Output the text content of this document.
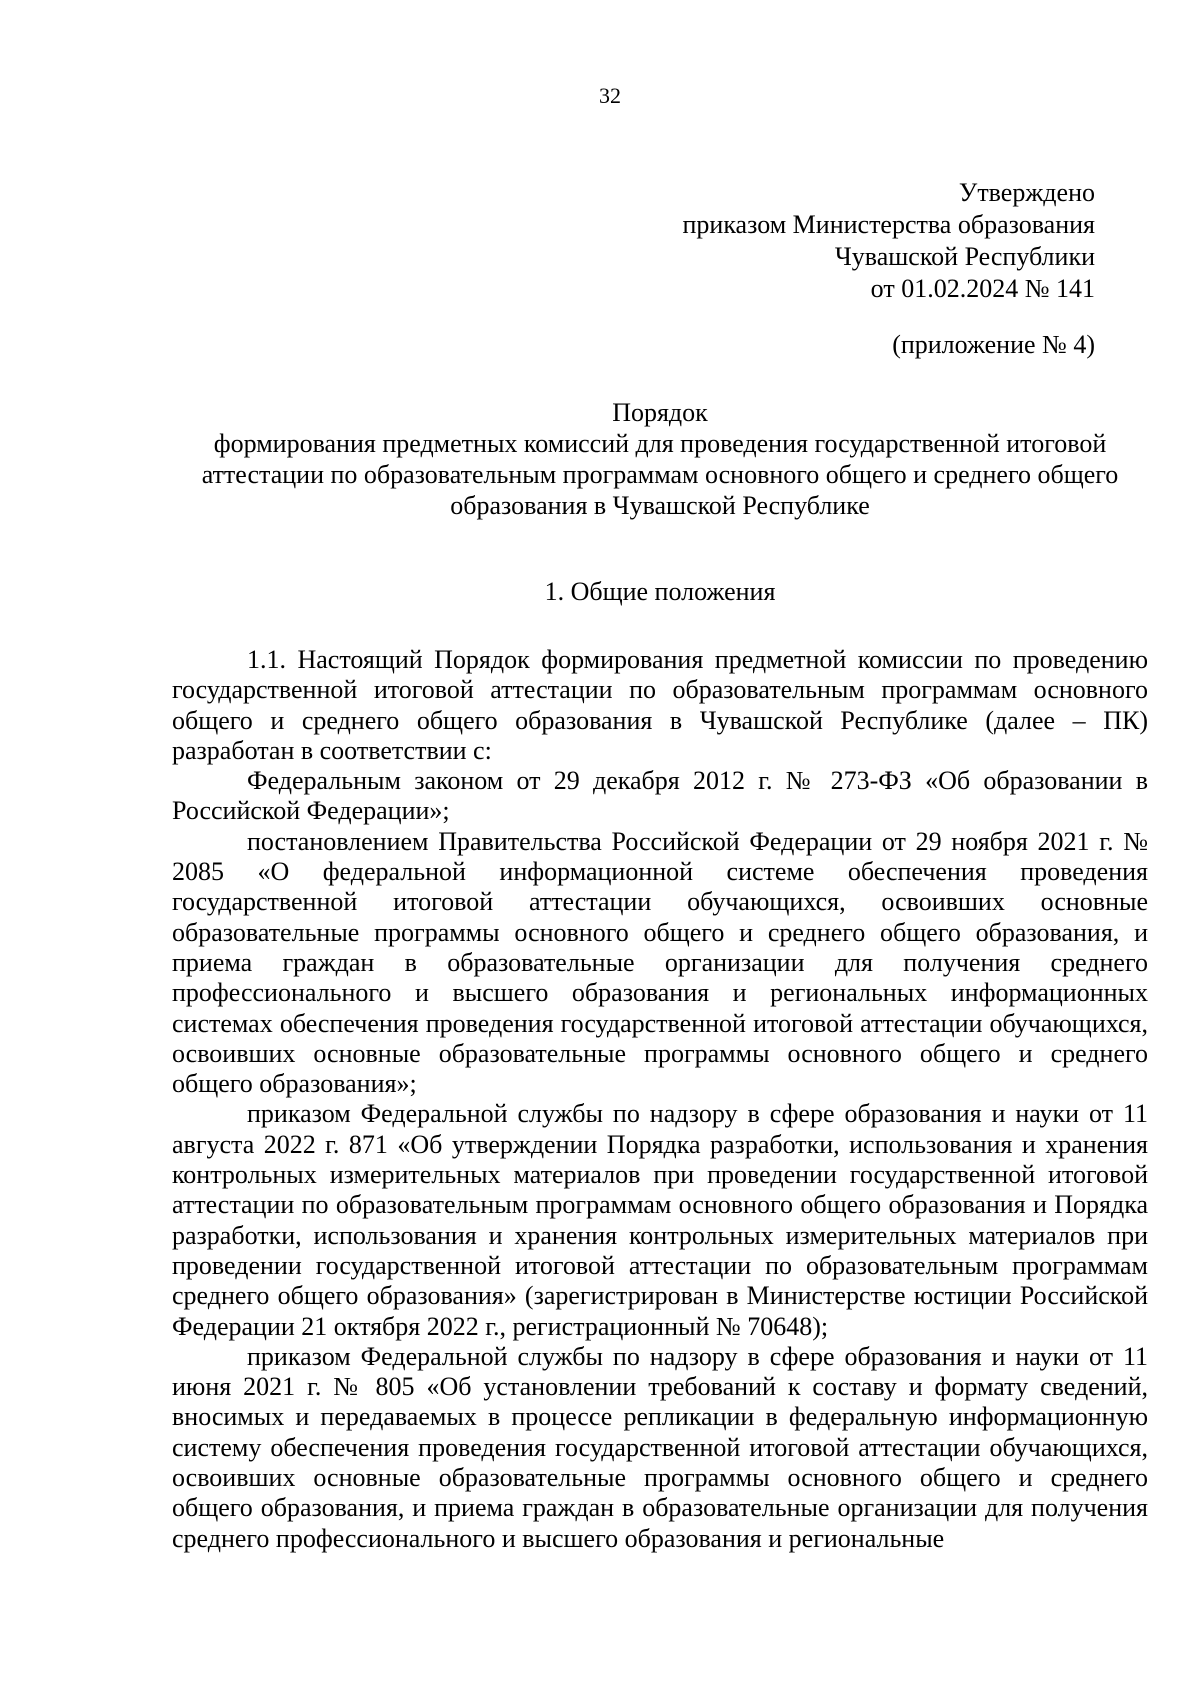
32
Утверждено
приказом Министерства образования
Чувашской Республики
от 01.02.2024 № 141
(приложение № 4)
Порядок
формирования предметных комиссий для проведения государственной итоговой
аттестации по образовательным программам основного общего и среднего общего
образования в Чувашской Республике
1. Общие положения

1.1. Настоящий Порядок формирования предметной комиссии по проведению государственной итоговой аттестации по образовательным программам основного общего и среднего общего образования в Чувашской Республике (далее – ПК) разработан в соответствии с:

Федеральным законом от 29 декабря 2012 г. № 273-ФЗ «Об образовании в Российской Федерации»;

постановлением Правительства Российской Федерации от 29 ноября 2021 г. № 2085 «О федеральной информационной системе обеспечения проведения государственной итоговой аттестации обучающихся, освоивших основные образовательные программы основного общего и среднего общего образования, и приема граждан в образовательные организации для получения среднего профессионального и высшего образования и региональных информационных системах обеспечения проведения государственной итоговой аттестации обучающихся, освоивших основные образовательные программы основного общего и среднего общего образования»;

приказом Федеральной службы по надзору в сфере образования и науки от 11 августа 2022 г. 871 «Об утверждении Порядка разработки, использования и хранения контрольных измерительных материалов при проведении государственной итоговой аттестации по образовательным программам основного общего образования и Порядка разработки, использования и хранения контрольных измерительных материалов при проведении государственной итоговой аттестации по образовательным программам среднего общего образования» (зарегистрирован в Министерстве юстиции Российской Федерации 21 октября 2022 г., регистрационный № 70648);

приказом Федеральной службы по надзору в сфере образования и науки от 11 июня 2021 г. № 805 «Об установлении требований к составу и формату сведений, вносимых и передаваемых в процессе репликации в федеральную информационную систему обеспечения проведения государственной итоговой аттестации обучающихся, освоивших основные образовательные программы основного общего и среднего общего образования, и приема граждан в образовательные организации для получения среднего профессионального и высшего образования и региональные
